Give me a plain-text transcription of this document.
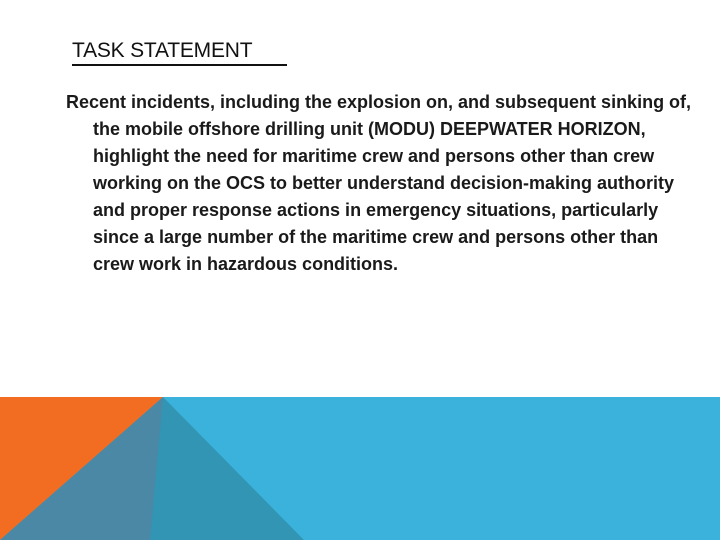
TASK STATEMENT

Recent incidents, including the explosion on, and subsequent sinking of, the mobile offshore drilling unit (MODU) DEEPWATER HORIZON, highlight the need for maritime crew and persons other than crew working on the OCS to better understand decision-making authority and proper response actions in emergency situations, particularly since a large number of the maritime crew and persons other than crew work in hazardous conditions.
